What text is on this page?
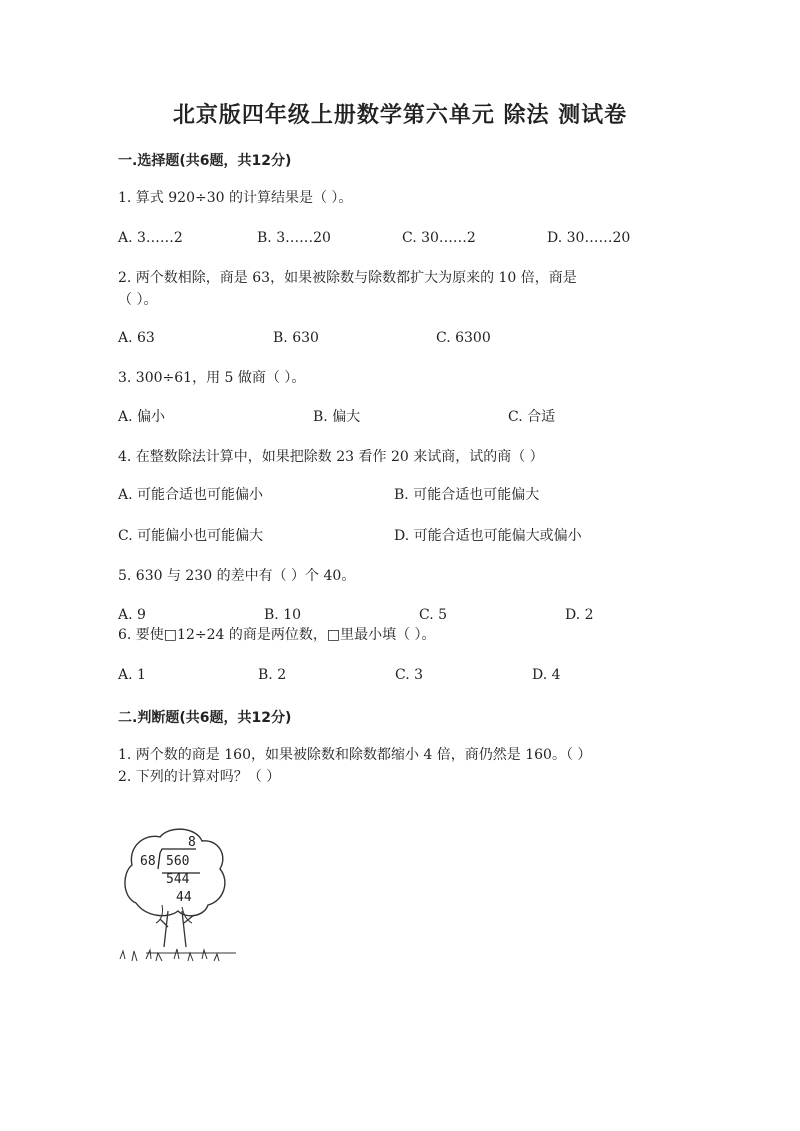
北京版四年级上册数学第六单元 除法 测试卷
一.选择题(共6题，共12分)
1. 算式 920÷30 的计算结果是（ ）。
A. 3……2	B. 3……20	C. 30……2	D. 30……20
2. 两个数相除，商是 63，如果被除数与除数都扩大为原来的 10 倍，商是
（ ）。
A. 63	B. 630	C. 6300
3. 300÷61，用 5 做商（ ）。
A. 偏小	B. 偏大	C. 合适
4. 在整数除法计算中，如果把除数 23 看作 20 来试商，试的商（ ）
A. 可能合适也可能偏小	B. 可能合适也可能偏大
C. 可能偏小也可能偏大	D. 可能合适也可能偏大或偏小
5. 630 与 230 的差中有（ ）个 40。
A. 9	B. 10	C. 5	D. 2
6. 要使□12÷24 的商是两位数，□里最小填（ ）。
A. 1	B. 2	C. 3	D. 4
二.判断题(共6题，共12分)
1. 两个数的商是 160，如果被除数和除数都缩小 4 倍，商仍然是 160。（ ）
2. 下列的计算对吗？（ ）
8
68 560
544
44
